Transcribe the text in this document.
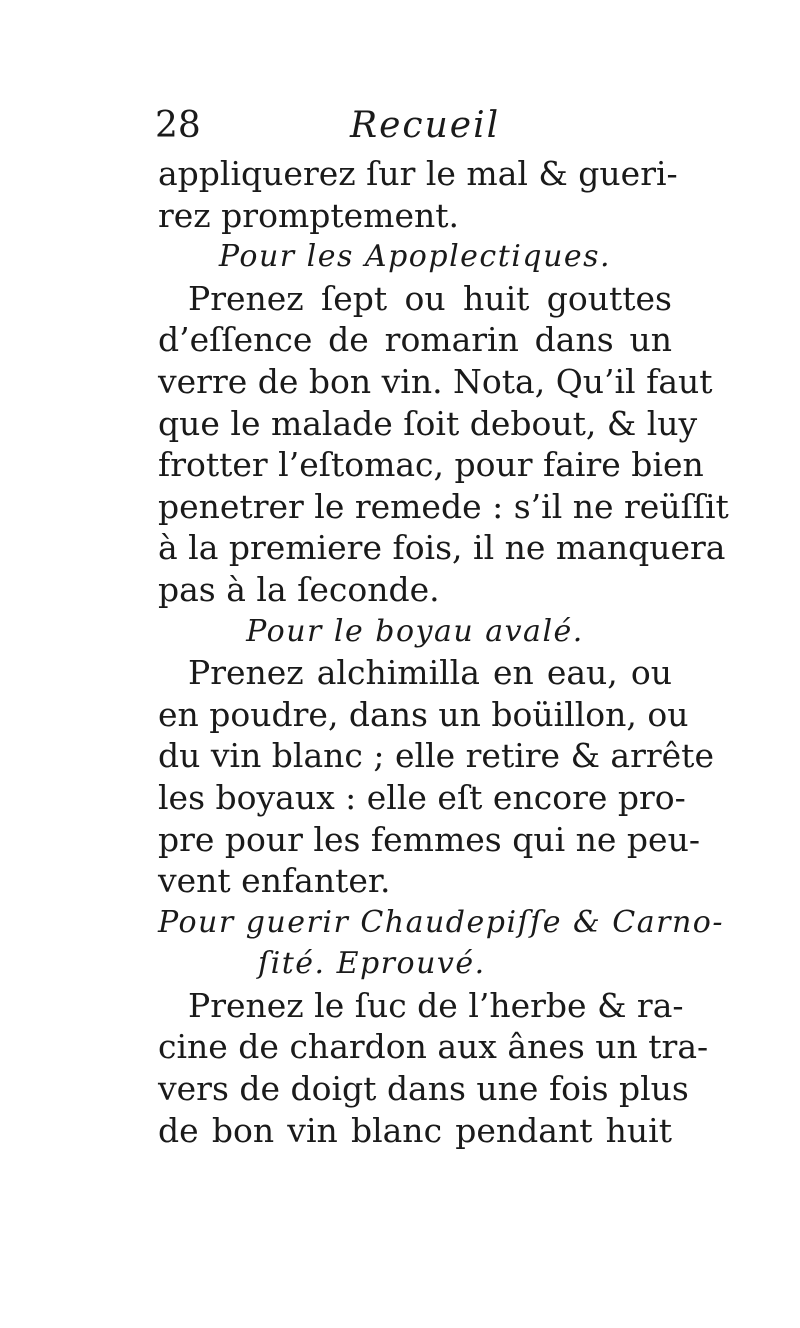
28	Recueil
appliquerez ſur le mal & gueri-
rez promptement.
Pour les Apoplectiques.
Prenez ſept ou huit gouttes
d’eſſence de romarin dans un
verre de bon vin. Nota, Qu’il faut
que le malade ſoit debout, & luy
frotter l’eſtomac, pour faire bien
penetrer le remede : s’il ne reüſſit
à la premiere fois, il ne manquera
pas à la ſeconde.
Pour le boyau avalé.
Prenez alchimilla en eau, ou
en poudre, dans un boüillon, ou
du vin blanc ; elle retire & arrête
les boyaux : elle eſt encore pro-
pre pour les femmes qui ne peu-
vent enfanter.
Pour guerir Chaudepiſſe & Carno-
ſité. Eprouvé.
Prenez le ſuc de l’herbe & ra-
cine de chardon aux ânes un tra-
vers de doigt dans une fois plus
de bon vin blanc pendant huit
